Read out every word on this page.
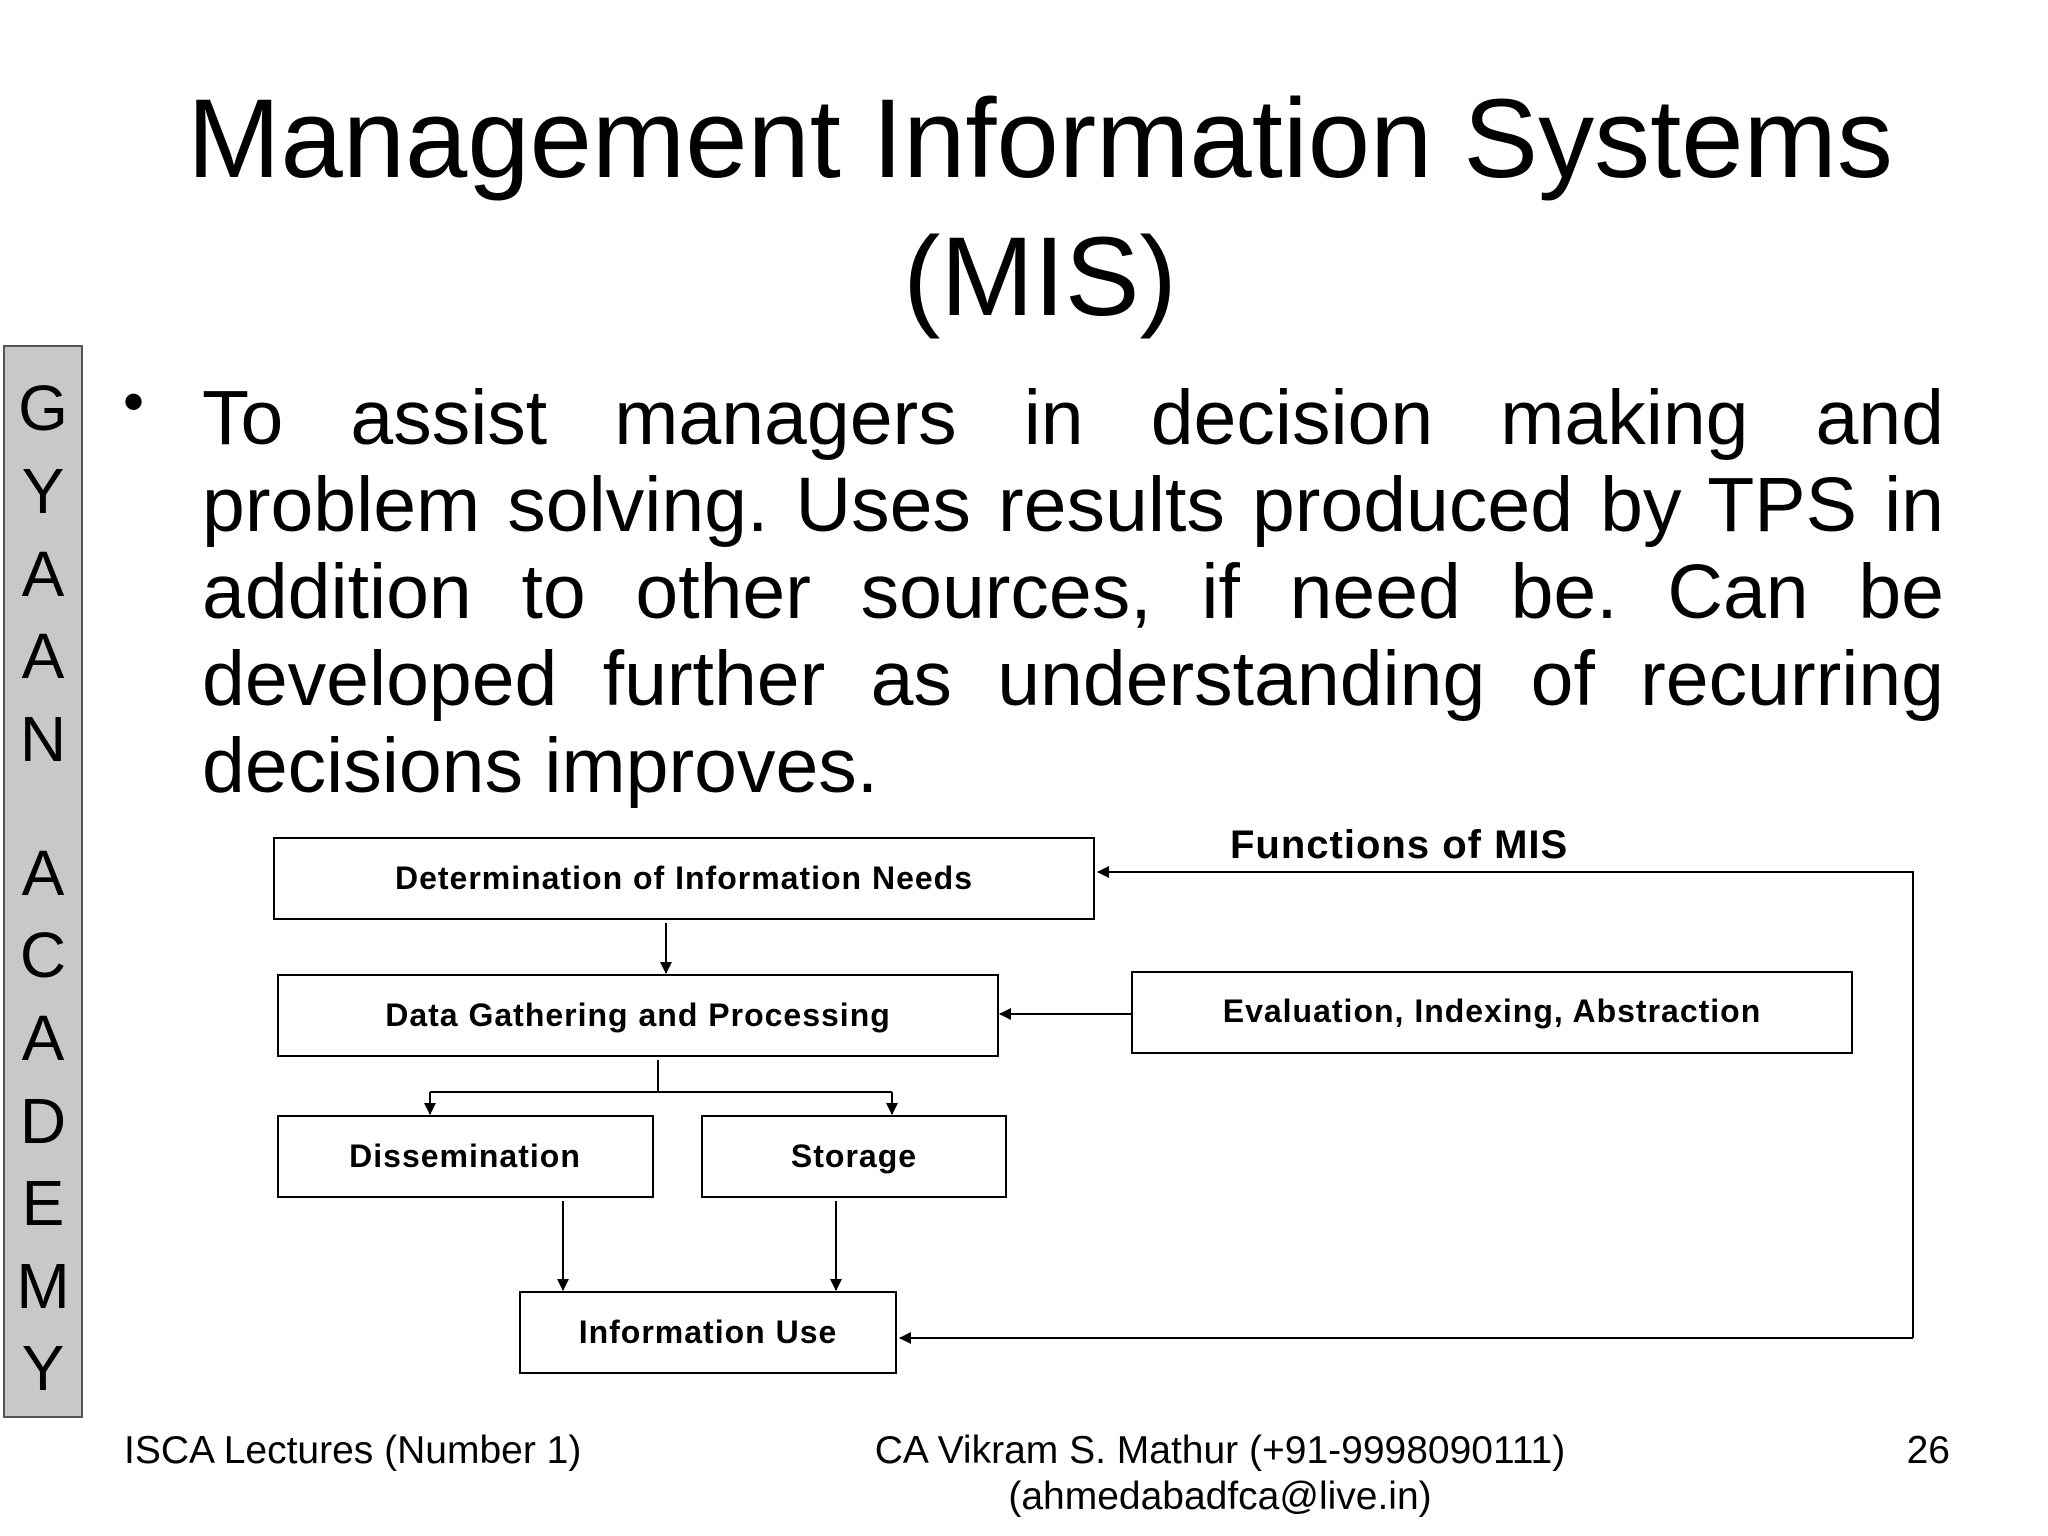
Management Information Systems
(MIS)
G
Y
A
A
N
A
C
A
D
E
M
Y
• To assist managers in decision making and problem solving. Uses results produced by TPS in addition to other sources, if need be. Can be developed further as understanding of recurring decisions improves.

Functions of MIS
Determination of Information Needs
Data Gathering and Processing	Evaluation, Indexing, Abstraction
Dissemination	Storage
Information Use
ISCA Lectures (Number 1)	CA Vikram S. Mathur (+91-9998090111)
(ahmedabadfca@live.in)
26
